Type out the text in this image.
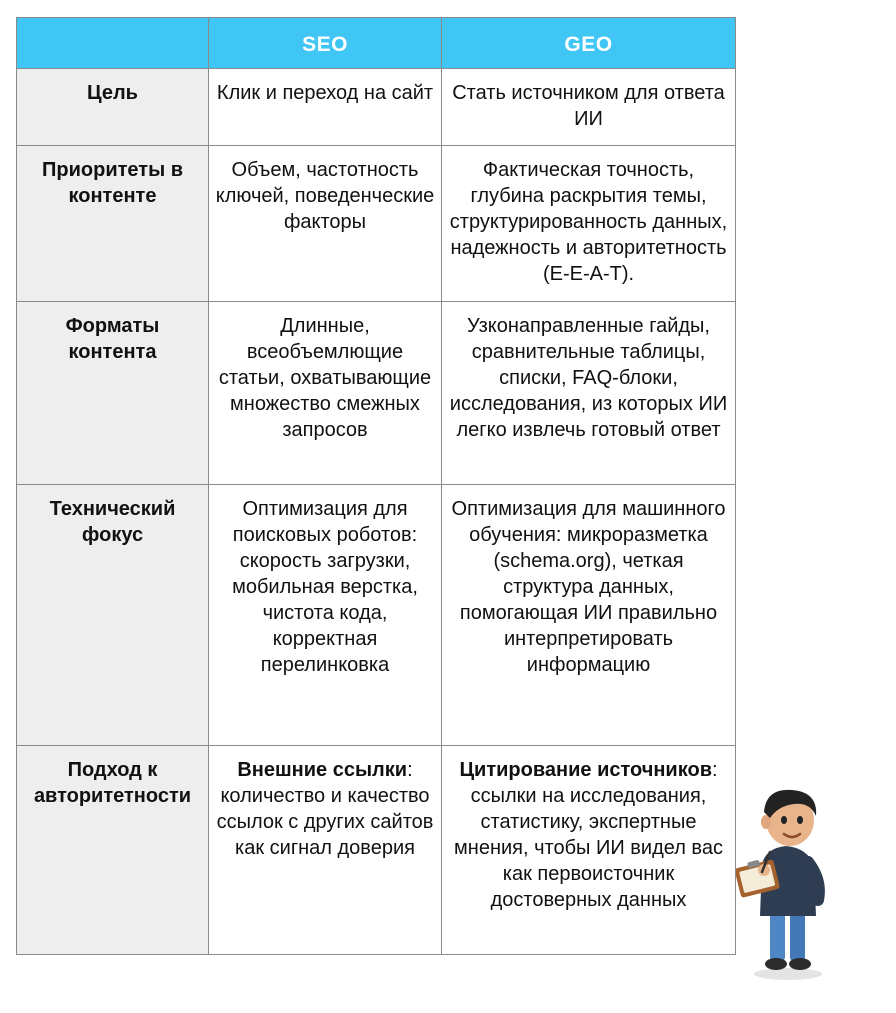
	SEO	GEO
Цель	Клик и переход на сайт	Стать источником для ответа ИИ
Приоритеты в контенте	Объем, частотность ключей, поведенческие факторы	Фактическая точность, глубина раскрытия темы, структурированность данных, надежность и авторитетность (E-E-A-T).
Форматы контента	Длинные, всеобъемлющие статьи, охватывающие множество смежных запросов	Узконаправленные гайды, сравнительные таблицы, списки, FAQ-блоки, исследования, из которых ИИ легко извлечь готовый ответ
Технический фокус	Оптимизация для поисковых роботов: скорость загрузки, мобильная верстка, чистота кода, корректная перелинковка	Оптимизация для машинного обучения: микроразметка (schema.org), четкая структура данных, помогающая ИИ правильно интерпретировать информацию
Подход к авторитетности	Внешние ссылки: количество и качество ссылок с других сайтов как сигнал доверия	Цитирование источников: ссылки на исследования, статистику, экспертные мнения, чтобы ИИ видел вас как первоисточник достоверных данных
